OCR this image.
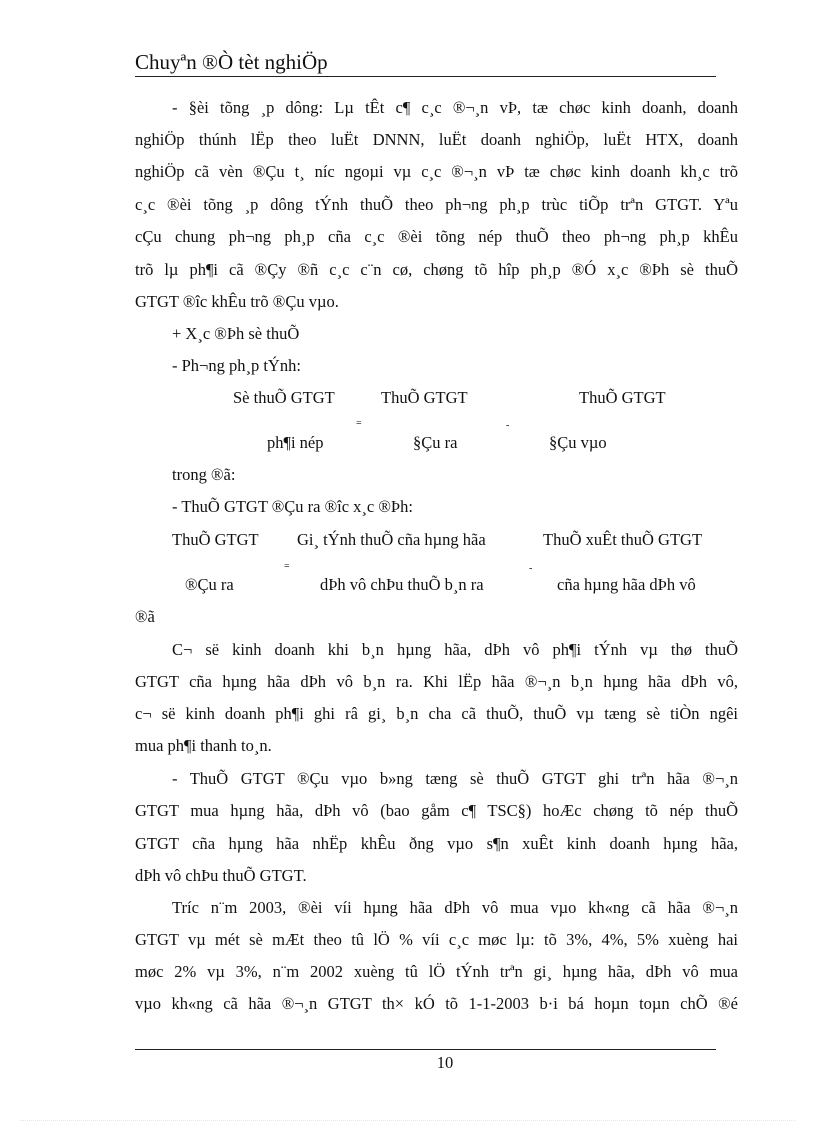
Chuyªn ®Ò tèt nghiÖp
- §èi tõng ¸p dông: Lµ tÊt c¶ c¸c ®¬¸n vÞ, tæ chøc kinh doanh, doanh
nghiÖp thúnh lËp theo luËt DNNN, luËt doanh nghiÖp, luËt HTX, doanh
nghiÖp cã vèn ®Çu t¸ níc ngoµi vµ c¸c ®¬¸n vÞ tæ chøc kinh doanh kh¸c trõ
c¸c ®èi tõng ¸p dông tÝnh thuÕ theo ph¬ng ph¸p trùc tiÕp trªn GTGT. Yªu
cÇu chung ph¬ng ph¸p cña c¸c ®èi tõng nép thuÕ theo ph¬ng ph¸p khÊu
trõ lµ ph¶i cã ®Çy ®ñ c¸c c¨n cø, chøng tõ hîp ph¸p ®Ó x¸c ®Þh sè thuÕ
GTGT ®îc khÊu trõ ®Çu vµo.
+ X¸c ®Þh sè thuÕ
- Ph¬ng ph¸p tÝnh:
Sè thuÕ GTGT	ThuÕ GTGT	ThuÕ GTGT
=	-
ph¶i nép	§Çu ra	§Çu vµo
trong ®ã:
- ThuÕ GTGT ®Çu ra ®îc x¸c ®Þh:
ThuÕ GTGT Gi¸ tÝnh thuÕ cña hµng hãa	ThuÕ xuÊt thuÕ GTGT
=	-
®Çu ra	dÞh vô chÞu thuÕ b¸n ra	cña hµng hãa dÞh vô
®ã
C¬ së kinh doanh khi b¸n hµng hãa, dÞh vô ph¶i tÝnh vµ thø thuÕ
GTGT cña hµng hãa dÞh vô b¸n ra. Khi lËp hãa ®¬¸n b¸n hµng hãa dÞh vô,
c¬ së kinh doanh ph¶i ghi râ gi¸ b¸n cha cã thuÕ, thuÕ vµ tæng sè tiÒn ngêi
mua ph¶i thanh to¸n.
- ThuÕ GTGT ®Çu vµo b»ng tæng sè thuÕ GTGT ghi trªn hãa ®¬¸n
GTGT mua hµng hãa, dÞh vô (bao gåm c¶ TSC§) hoÆc chøng tõ nép thuÕ
GTGT cña hµng hãa nhËp khÊu ðng vµo s¶n xuÊt kinh doanh hµng hãa,
dÞh vô chÞu thuÕ GTGT.
Tríc n¨m 2003, ®èi víi hµng hãa dÞh vô mua vµo kh«ng cã hãa ®¬¸n
GTGT vµ mét sè mÆt theo tû lÖ % víi c¸c møc lµ: tõ 3%, 4%, 5% xuèng hai
møc 2% vµ 3%, n¨m 2002 xuèng tû lÖ tÝnh trªn gi¸ hµng hãa, dÞh vô mua
vµo kh«ng cã hãa ®¬¸n GTGT th× kÓ tõ 1-1-2003 b·i bá hoµn toµn chÕ ®é
10
